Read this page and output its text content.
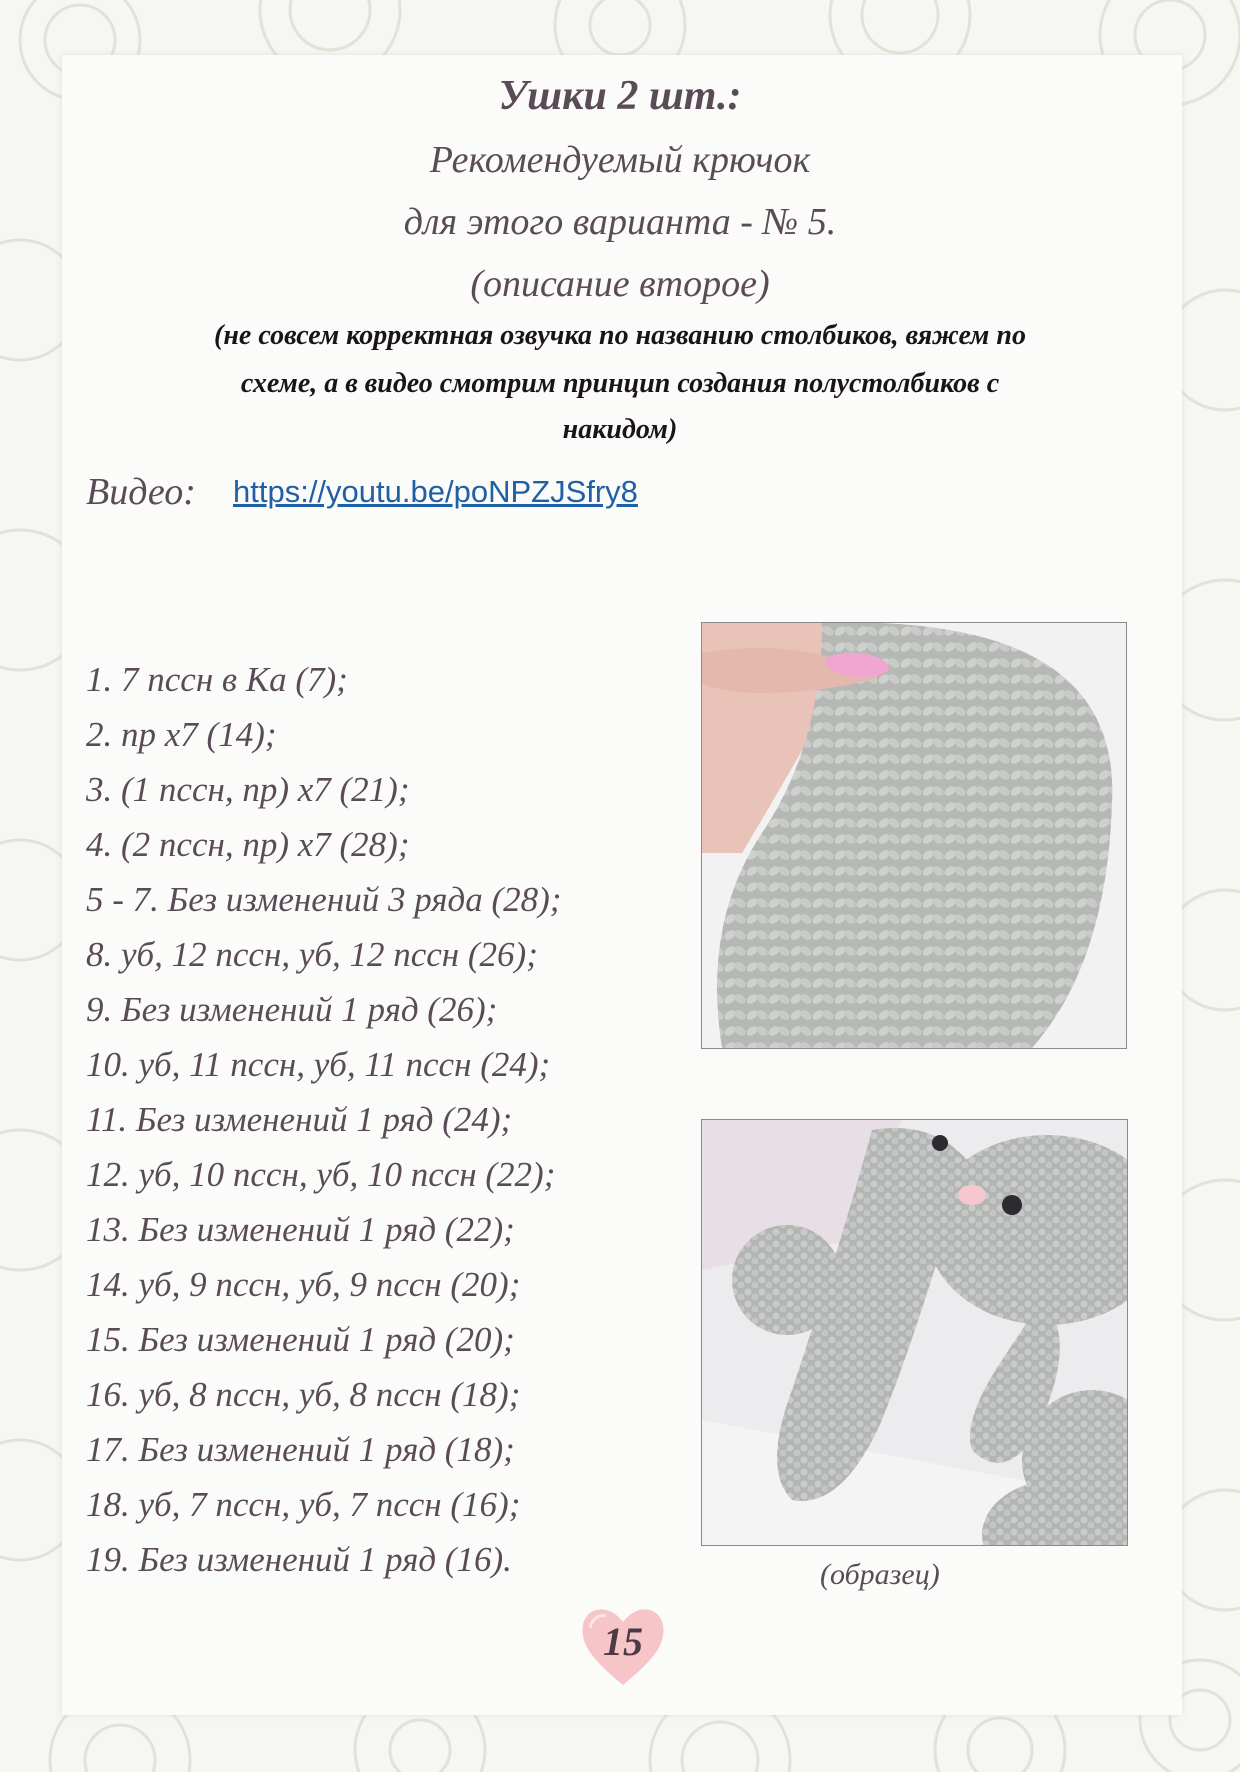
Ушки 2 шт.:
Рекомендуемый крючок
для этого варианта - № 5.
(описание второе)
(не совсем корректная озвучка по названию столбиков, вяжем по
схеме, а в видео смотрим принцип создания полустолбиков с
накидом)
Видео: https://youtu.be/poNPZJSfry8
1. 7 пссн в Ка (7);
2. пр х7 (14);
3. (1 пссн, пр) х7 (21);
4. (2 пссн, пр) х7 (28);
5 - 7. Без изменений 3 ряда (28);
8. уб, 12 пссн, уб, 12 пссн (26);
9. Без изменений 1 ряд (26);
10. уб, 11 пссн, уб, 11 пссн (24);
11. Без изменений 1 ряд (24);
12. уб, 10 пссн, уб, 10 пссн (22);
13. Без изменений 1 ряд (22);
14. уб, 9 пссн, уб, 9 пссн (20);
15. Без изменений 1 ряд (20);
16. уб, 8 пссн, уб, 8 пссн (18);
17. Без изменений 1 ряд (18);
18. уб, 7 пссн, уб, 7 пссн (16);
19. Без изменений 1 ряд (16).	(образец)
15
